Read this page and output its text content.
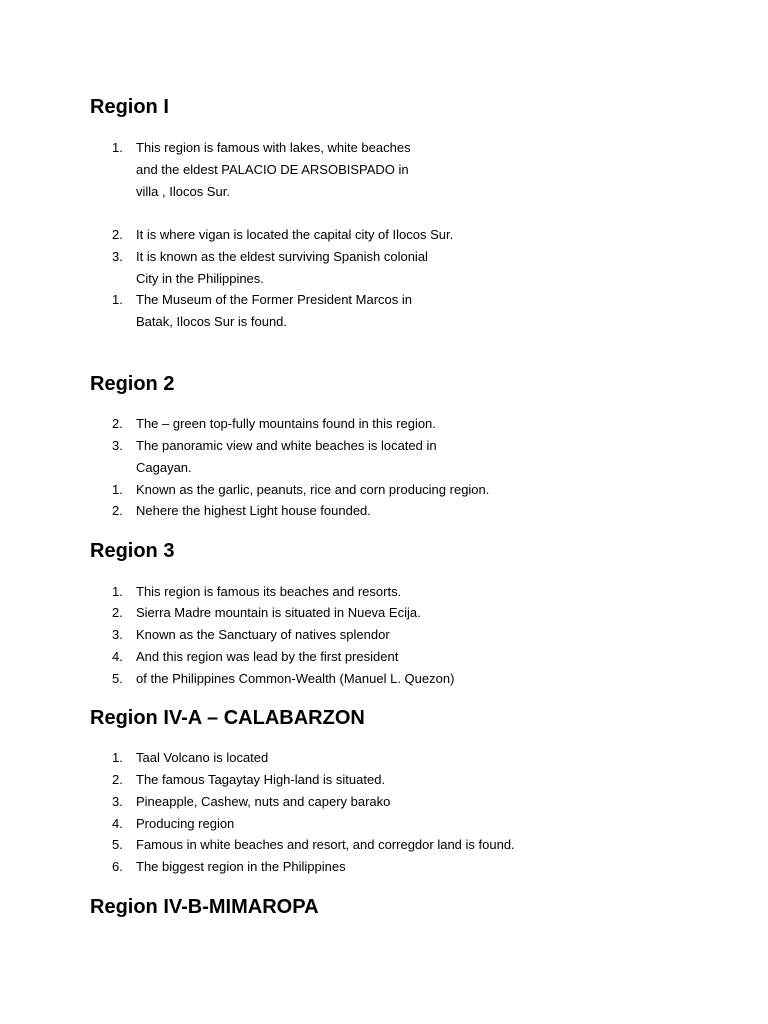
Region I
1.	This region is famous with lakes, white beaches
and the eldest PALACIO DE ARSOBISPADO in
villa , Ilocos Sur.
2.	It is where vigan is located the capital city of Ilocos Sur.
3.	It is known as the eldest surviving Spanish colonial
City in the Philippines.
1.	The Museum of the Former President Marcos in
Batak, Ilocos Sur is found.
Region 2
2.	The – green top-fully mountains found in this region.
3.	The panoramic view and white beaches is located in
Cagayan.
1.	Known as the garlic, peanuts, rice and corn producing region.
2.	Nehere the highest Light house founded.
Region 3
1.	This region is famous its beaches and resorts.
2.	Sierra Madre mountain is situated in Nueva Ecija.
3.	Known as the Sanctuary of natives splendor
4.	And this region was lead by the first president
5.	of the Philippines Common-Wealth (Manuel L. Quezon)
Region IV-A – CALABARZON
1.	Taal Volcano is located
2.	The famous Tagaytay High-land is situated.
3.	Pineapple, Cashew, nuts and capery barako
4.	Producing region
5.	Famous in white beaches and resort, and corregdor land is found.
6.	The biggest region in the Philippines
Region IV-B-MIMAROPA
